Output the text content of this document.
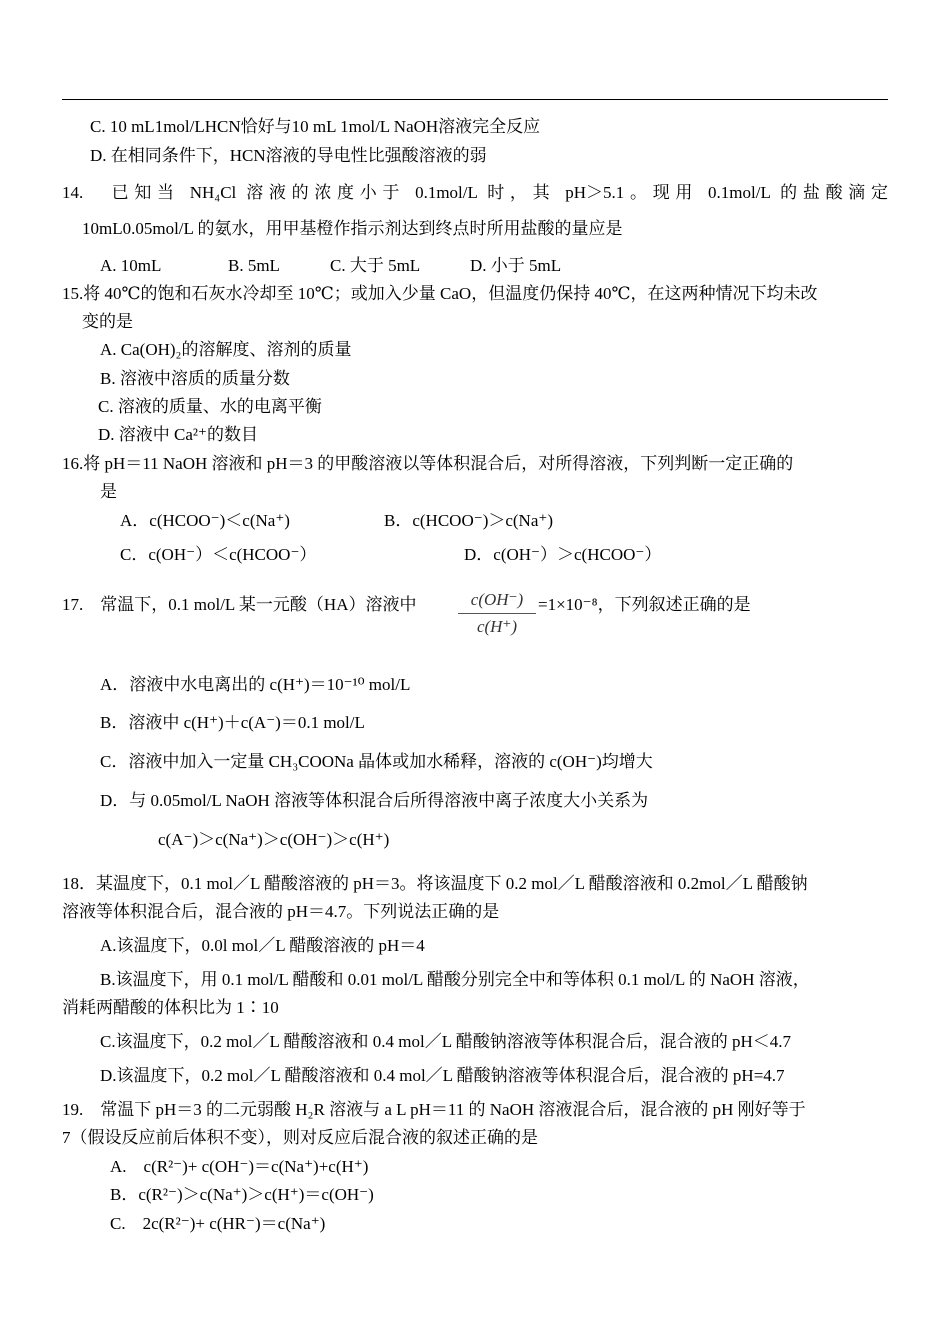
C. 10 mL1mol/LHCN恰好与10 mL 1mol/L NaOH溶液完全反应
D. 在相同条件下，HCN溶液的导电性比强酸溶液的弱
14.　已知当 NH₄Cl 溶液的浓度小于 0.1mol/L 时，其 pH＞5.1。现用 0.1mol/L 的盐酸滴定
10mL0.05mol/L 的氨水，用甲基橙作指示剂达到终点时所用盐酸的量应是
A. 10mL	B. 5mL	C. 大于 5mL	D. 小于 5mL
15.将 40℃的饱和石灰水冷却至 10℃；或加入少量 CaO，但温度仍保持 40℃，在这两种情况下均未改
变的是
A. Ca(OH)₂的溶解度、溶剂的质量
B. 溶液中溶质的质量分数
C. 溶液的质量、水的电离平衡
D. 溶液中 Ca²⁺的数目
16.将 pH＝11 NaOH 溶液和 pH＝3 的甲酸溶液以等体积混合后，对所得溶液，下列判断一定正确的
是
A．c(HCOO⁻)＜c(Na⁺)	B．c(HCOO⁻)＞c(Na⁺)
C．c(OH⁻）＜c(HCOO⁻）	D．c(OH⁻）＞c(HCOO⁻）
17.　常温下，0.1 mol/L 某一元酸（HA）溶液中	c(OH⁻)
c(H⁺)
=1×10⁻⁸，下列叙述正确的是
A．溶液中水电离出的 c(H⁺)＝10⁻¹⁰ mol/L
B．溶液中 c(H⁺)＋c(A⁻)＝0.1 mol/L
C．溶液中加入一定量 CH₃COONa 晶体或加水稀释，溶液的 c(OH⁻)均增大
D．与 0.05mol/L NaOH 溶液等体积混合后所得溶液中离子浓度大小关系为
c(A⁻)＞c(Na⁺)＞c(OH⁻)＞c(H⁺)
18．某温度下，0.1 mol／L 醋酸溶液的 pH＝3。将该温度下 0.2 mol／L 醋酸溶液和 0.2mol／L 醋酸钠
溶液等体积混合后，混合液的 pH＝4.7。下列说法正确的是
A.该温度下，0.0l mol／L 醋酸溶液的 pH＝4
B.该温度下，用 0.1 mol/L 醋酸和 0.01 mol/L 醋酸分别完全中和等体积 0.1 mol/L 的 NaOH 溶液，
消耗两醋酸的体积比为 1∶10
C.该温度下，0.2 mol／L 醋酸溶液和 0.4 mol／L 醋酸钠溶液等体积混合后，混合液的 pH＜4.7
D.该温度下，0.2 mol／L 醋酸溶液和 0.4 mol／L 醋酸钠溶液等体积混合后，混合液的 pH=4.7
19.　常温下 pH＝3 的二元弱酸 H₂R 溶液与 a L pH＝11 的 NaOH 溶液混合后，混合液的 pH 刚好等于
7（假设反应前后体积不变），则对反应后混合液的叙述正确的是
A.　c(R²⁻)+ c(OH⁻)＝c(Na⁺)+c(H⁺)
B．c(R²⁻)＞c(Na⁺)＞c(H⁺)＝c(OH⁻)
C.　2c(R²⁻)+ c(HR⁻)＝c(Na⁺)
